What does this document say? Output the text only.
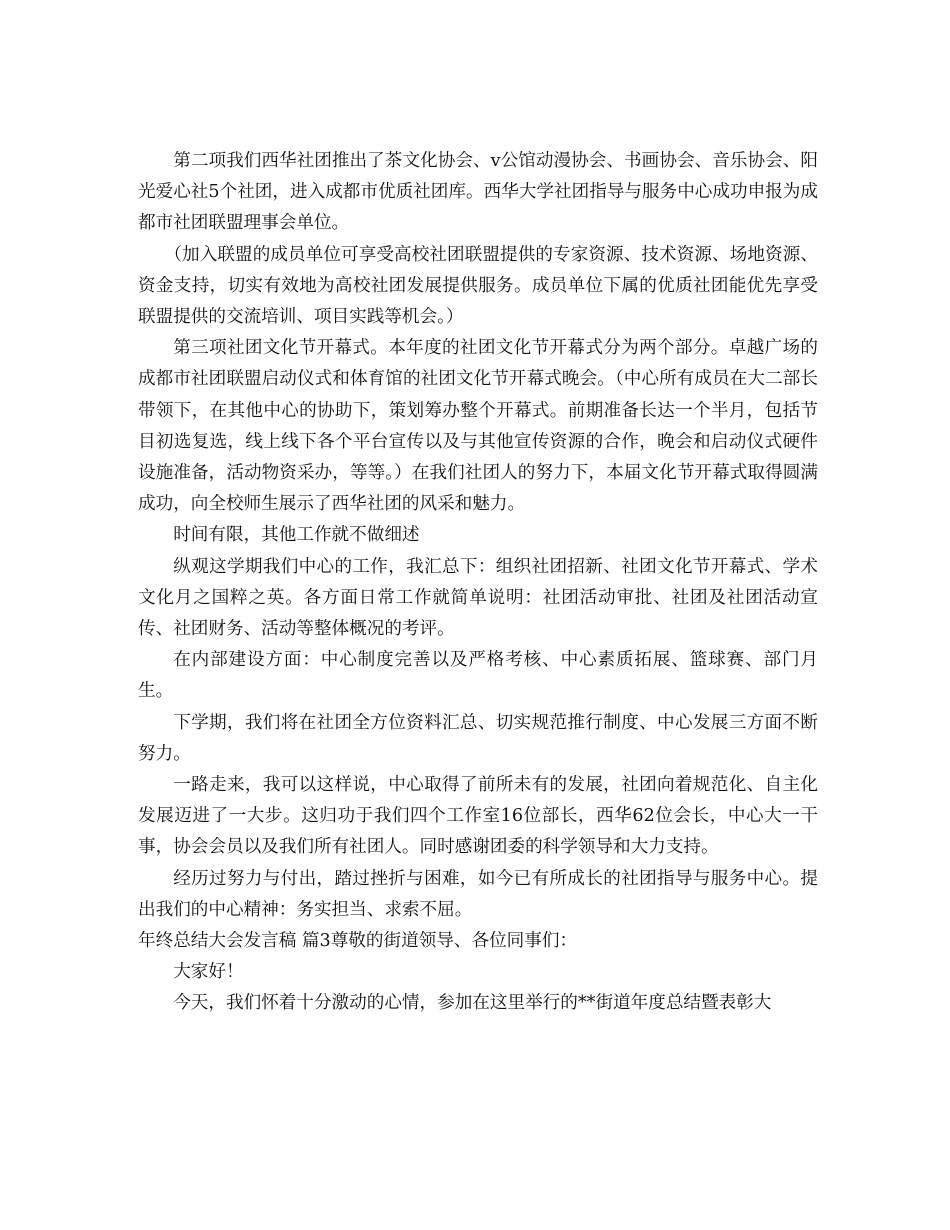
第二项我们西华社团推出了茶文化协会、v公馆动漫协会、书画协会、音乐协会、阳光爱心社5个社团，进入成都市优质社团库。西华大学社团指导与服务中心成功申报为成都市社团联盟理事会单位。

（加入联盟的成员单位可享受高校社团联盟提供的专家资源、技术资源、场地资源、资金支持，切实有效地为高校社团发展提供服务。成员单位下属的优质社团能优先享受联盟提供的交流培训、项目实践等机会。）

第三项社团文化节开幕式。本年度的社团文化节开幕式分为两个部分。卓越广场的成都市社团联盟启动仪式和体育馆的社团文化节开幕式晚会。（中心所有成员在大二部长带领下，在其他中心的协助下，策划筹办整个开幕式。前期准备长达一个半月，包括节目初选复选，线上线下各个平台宣传以及与其他宣传资源的合作，晚会和启动仪式硬件设施准备，活动物资采办，等等。）在我们社团人的努力下，本届文化节开幕式取得圆满成功，向全校师生展示了西华社团的风采和魅力。

时间有限，其他工作就不做细述

纵观这学期我们中心的工作，我汇总下：组织社团招新、社团文化节开幕式、学术文化月之国粹之英。各方面日常工作就简单说明：社团活动审批、社团及社团活动宣传、社团财务、活动等整体概况的考评。

在内部建设方面：中心制度完善以及严格考核、中心素质拓展、篮球赛、部门月生。

下学期，我们将在社团全方位资料汇总、切实规范推行制度、中心发展三方面不断努力。

一路走来，我可以这样说，中心取得了前所未有的发展，社团向着规范化、自主化发展迈进了一大步。这归功于我们四个工作室16位部长，西华62位会长，中心大一干事，协会会员以及我们所有社团人。同时感谢团委的科学领导和大力支持。

经历过努力与付出，踏过挫折与困难，如今已有所成长的社团指导与服务中心。提出我们的中心精神：务实担当、求索不屈。

年终总结大会发言稿 篇3尊敬的街道领导、各位同事们：

大家好！

今天，我们怀着十分激动的心情，参加在这里举行的**街道年度总结暨表彰大
